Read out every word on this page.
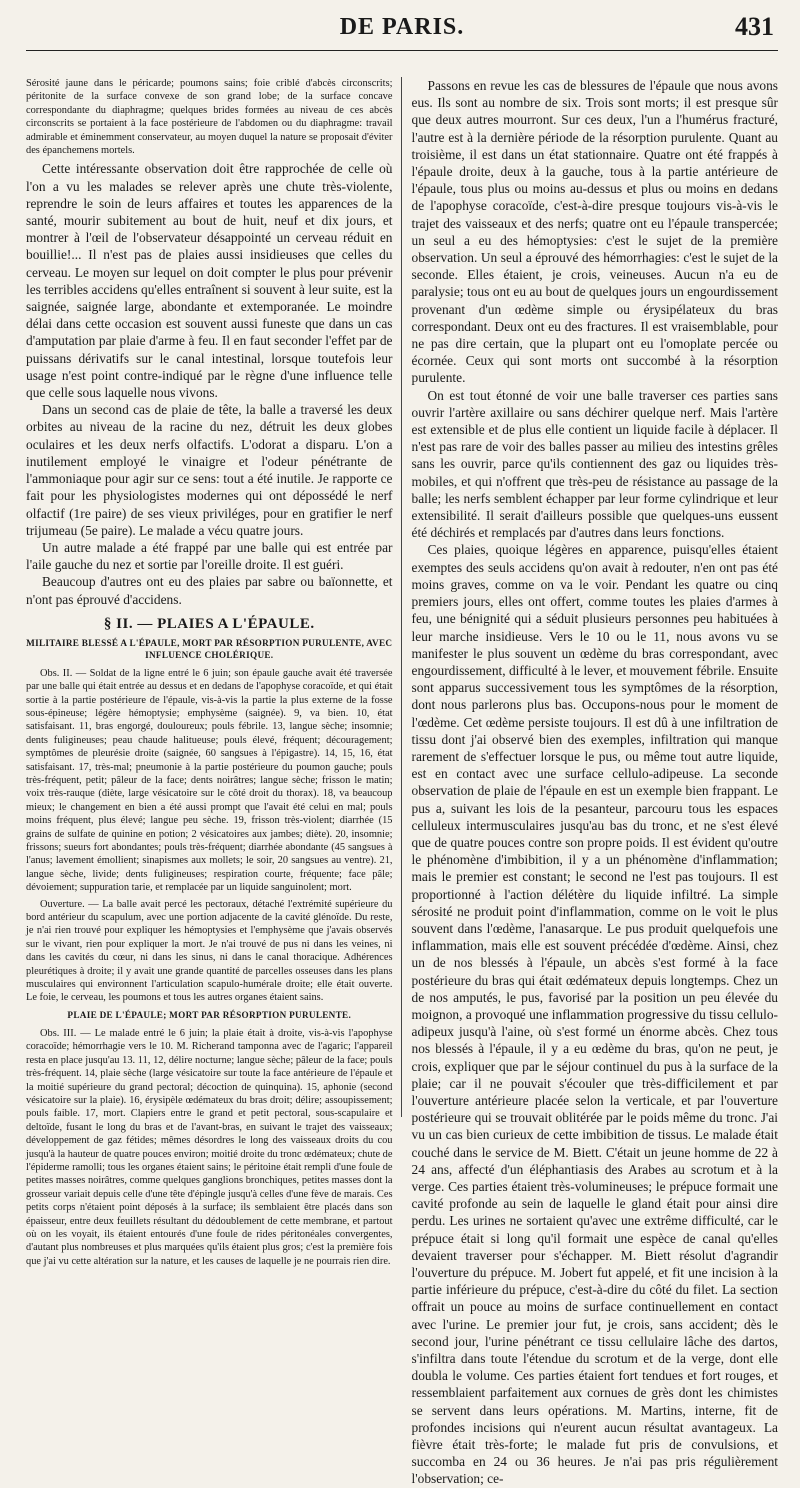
DE PARIS.	431

Sérosité jaune dans le péricarde; poumons sains; foie criblé d'abcès circonscrits; péritonite de la surface convexe de son grand lobe; de la surface concave correspondante du diaphragme; quelques brides formées au niveau de ces abcès circonscrits se portaient à la face postérieure de l'abdomen ou du diaphragme: travail admirable et éminemment conservateur, au moyen duquel la nature se proposait d'éviter des épanchemens mortels.

Cette intéressante observation doit être rapprochée de celle où l'on a vu les malades se relever après une chute très-violente, reprendre le soin de leurs affaires et toutes les apparences de la santé, mourir subitement au bout de huit, neuf et dix jours, et montrer à l'œil de l'observateur désappointé un cerveau réduit en bouillie!... Il n'est pas de plaies aussi insidieuses que celles du cerveau. Le moyen sur lequel on doit compter le plus pour prévenir les terribles accidens qu'elles entraînent si souvent à leur suite, est la saignée, saignée large, abondante et extemporanée. Le moindre délai dans cette occasion est souvent aussi funeste que dans un cas d'amputation par plaie d'arme à feu. Il en faut seconder l'effet par de puissans dérivatifs sur le canal intestinal, lorsque toutefois leur usage n'est point contre-indiqué par le règne d'une influence telle que celle sous laquelle nous vivons.

Dans un second cas de plaie de tête, la balle a traversé les deux orbites au niveau de la racine du nez, détruit les deux globes oculaires et les deux nerfs olfactifs. L'odorat a disparu. L'on a inutilement employé le vinaigre et l'odeur pénétrante de l'ammoniaque pour agir sur ce sens: tout a été inutile. Je rapporte ce fait pour les physiologistes modernes qui ont dépossédé le nerf olfactif (1re paire) de ses vieux priviléges, pour en gratifier le nerf trijumeau (5e paire). Le malade a vécu quatre jours.

Un autre malade a été frappé par une balle qui est entrée par l'aile gauche du nez et sortie par l'oreille droite. Il est guéri.

Beaucoup d'autres ont eu des plaies par sabre ou baïonnette, et n'ont pas éprouvé d'accidens.

§ II. — PLAIES A L'ÉPAULE.
MILITAIRE BLESSÉ A L'ÉPAULE, MORT PAR RÉSORPTION PURULENTE, AVEC INFLUENCE CHOLÉRIQUE.

Obs. II. — Soldat de la ligne entré le 6 juin; son épaule gauche avait été traversée par une balle qui était entrée au dessus et en dedans de l'apophyse coracoïde, et qui était sortie à la partie postérieure de l'épaule, vis-à-vis la partie la plus externe de la fosse sous-épineuse; légère hémoptysie; emphysème (saignée). 9, va bien. 10, état satisfaisant. 11, bras engorgé, douloureux; pouls fébrile. 13, langue sèche; insomnie; dents fuligineuses; peau chaude halitueuse; pouls élevé, fréquent; découragement; symptômes de pleurésie droite (saignée, 60 sangsues à l'épigastre). 14, 15, 16, état satisfaisant. 17, très-mal; pneumonie à la partie postérieure du poumon gauche; pouls très-fréquent, petit; pâleur de la face; dents noirâtres; langue sèche; frisson le matin; voix très-rauque (diète, large vésicatoire sur le côté droit du thorax). 18, va beaucoup mieux; le changement en bien a été aussi prompt que l'avait été celui en mal; pouls moins fréquent, plus élevé; langue peu sèche. 19, frisson très-violent; diarrhée (15 grains de sulfate de quinine en potion; 2 vésicatoires aux jambes; diète). 20, insomnie; frissons; sueurs fort abondantes; pouls très-fréquent; diarrhée abondante (45 sangsues à l'anus; lavement émollient; sinapismes aux mollets; le soir, 20 sangsues au ventre). 21, langue sèche, livide; dents fuligineuses; respiration courte, fréquente; face pâle; dévoiement; suppuration tarie, et remplacée par un liquide sanguinolent; mort.

Ouverture. — La balle avait percé les pectoraux, détaché l'extrémité supérieure du bord antérieur du scapulum, avec une portion adjacente de la cavité glénoïde. Du reste, je n'ai rien trouvé pour expliquer les hémoptysies et l'emphysème que j'avais observés sur le vivant, rien pour expliquer la mort. Je n'ai trouvé de pus ni dans les veines, ni dans les cavités du cœur, ni dans les sinus, ni dans le canal thoracique. Adhérences pleurétiques à droite; il y avait une grande quantité de parcelles osseuses dans les plans musculaires qui environnent l'articulation scapulo-humérale droite; elle était ouverte. Le foie, le cerveau, les poumons et tous les autres organes étaient sains.

PLAIE DE L'ÉPAULE; MORT PAR RÉSORPTION PURULENTE.

Obs. III. — Le malade entré le 6 juin; la plaie était à droite, vis-à-vis l'apophyse coracoïde; hémorrhagie vers le 10. M. Richerand tamponna avec de l'agaric; l'appareil resta en place jusqu'au 13. 11, 12, délire nocturne; langue sèche; pâleur de la face; pouls très-fréquent. 14, plaie sèche (large vésicatoire sur toute la face antérieure de l'épaule et la moitié supérieure du grand pectoral; décoction de quinquina). 15, aphonie (second vésicatoire sur la plaie). 16, érysipèle œdémateux du bras droit; délire; assoupissement; pouls faible. 17, mort. Clapiers entre le grand et petit pectoral, sous-scapulaire et deltoïde, fusant le long du bras et de l'avant-bras, en suivant le trajet des vaisseaux; développement de gaz fétides; mêmes désordres le long des vaisseaux droits du cou jusqu'à la hauteur de quatre pouces environ; moitié droite du tronc œdémateux; chute de l'épiderme ramolli; tous les organes étaient sains; le péritoine était rempli d'une foule de petites masses noirâtres, comme quelques ganglions bronchiques, petites masses dont la grosseur variait depuis celle d'une tête d'épingle jusqu'à celles d'une fève de marais. Ces petits corps n'étaient point déposés à la surface; ils semblaient être placés dans son épaisseur, entre deux feuillets résultant du dédoublement de cette membrane, et partout où on les voyait, ils étaient entourés d'une foule de rides péritonéales convergentes, d'autant plus nombreuses et plus marquées qu'ils étaient plus gros; c'est la première fois que j'ai vu cette altération sur la nature, et les causes de laquelle je ne pourrais rien dire.

Passons en revue les cas de blessures de l'épaule que nous avons eus. Ils sont au nombre de six. Trois sont morts; il est presque sûr que deux autres mourront. Sur ces deux, l'un a l'humérus fracturé, l'autre est à la dernière période de la résorption purulente. Quant au troisième, il est dans un état stationnaire. Quatre ont été frappés à l'épaule droite, deux à la gauche, tous à la partie antérieure de l'épaule, tous plus ou moins au-dessus et plus ou moins en dedans de l'apophyse coracoïde, c'est-à-dire presque toujours vis-à-vis le trajet des vaisseaux et des nerfs; quatre ont eu l'épaule transpercée; un seul a eu des hémoptysies: c'est le sujet de la première observation. Un seul a éprouvé des hémorrhagies: c'est le sujet de la seconde. Elles étaient, je crois, veineuses. Aucun n'a eu de paralysie; tous ont eu au bout de quelques jours un engourdissement provenant d'un œdème simple ou érysipélateux du bras correspondant. Deux ont eu des fractures. Il est vraisemblable, pour ne pas dire certain, que la plupart ont eu l'omoplate percée ou écornée. Ceux qui sont morts ont succombé à la résorption purulente.

On est tout étonné de voir une balle traverser ces parties sans ouvrir l'artère axillaire ou sans déchirer quelque nerf. Mais l'artère est extensible et de plus elle contient un liquide facile à déplacer. Il n'est pas rare de voir des balles passer au milieu des intestins grêles sans les ouvrir, parce qu'ils contiennent des gaz ou liquides très-mobiles, et qui n'offrent que très-peu de résistance au passage de la balle; les nerfs semblent échapper par leur forme cylindrique et leur extensibilité. Il serait d'ailleurs possible que quelques-uns eussent été déchirés et remplacés par d'autres dans leurs fonctions.

Ces plaies, quoique légères en apparence, puisqu'elles étaient exemptes des seuls accidens qu'on avait à redouter, n'en ont pas été moins graves, comme on va le voir. Pendant les quatre ou cinq premiers jours, elles ont offert, comme toutes les plaies d'armes à feu, une bénignité qui a séduit plusieurs personnes peu habituées à leur marche insidieuse. Vers le 10 ou le 11, nous avons vu se manifester le plus souvent un œdème du bras correspondant, avec engourdissement, difficulté à le lever, et mouvement fébrile. Ensuite sont apparus successivement tous les symptômes de la résorption, dont nous parlerons plus bas. Occupons-nous pour le moment de l'œdème. Cet œdème persiste toujours. Il est dû à une infiltration de tissu dont j'ai observé bien des exemples, infiltration qui manque rarement de s'effectuer lorsque le pus, ou même tout autre liquide, est en contact avec une surface cellulo-adipeuse. La seconde observation de plaie de l'épaule en est un exemple bien frappant. Le pus a, suivant les lois de la pesanteur, parcouru tous les espaces celluleux intermusculaires jusqu'au bas du tronc, et ne s'est élevé que de quatre pouces contre son propre poids. Il est évident qu'outre le phénomène d'imbibition, il y a un phénomène d'inflammation; mais le premier est constant; le second ne l'est pas toujours. Il est proportionné à l'action délétère du liquide infiltré. La simple sérosité ne produit point d'inflammation, comme on le voit le plus souvent dans l'œdème, l'anasarque. Le pus produit quelquefois une inflammation, mais elle est souvent précédée d'œdème. Ainsi, chez un de nos blessés à l'épaule, un abcès s'est formé à la face postérieure du bras qui était œdémateux depuis longtemps. Chez un de nos amputés, le pus, favorisé par la position un peu élevée du moignon, a provoqué une inflammation progressive du tissu cellulo-adipeux jusqu'à l'aine, où s'est formé un énorme abcès. Chez tous nos blessés à l'épaule, il y a eu œdème du bras, qu'on ne peut, je crois, expliquer que par le séjour continuel du pus à la surface de la plaie; car il ne pouvait s'écouler que très-difficilement et par l'ouverture antérieure placée selon la verticale, et par l'ouverture postérieure qui se trouvait oblitérée par le poids même du tronc. J'ai vu un cas bien curieux de cette imbibition de tissus. Le malade était couché dans le service de M. Biett. C'était un jeune homme de 22 à 24 ans, affecté d'un éléphantiasis des Arabes au scrotum et à la verge. Ces parties étaient très-volumineuses; le prépuce formait une cavité profonde au sein de laquelle le gland était pour ainsi dire perdu. Les urines ne sortaient qu'avec une extrême difficulté, car le prépuce était si long qu'il formait une espèce de canal qu'elles devaient traverser pour s'échapper. M. Biett résolut d'agrandir l'ouverture du prépuce. M. Jobert fut appelé, et fit une incision à la partie inférieure du prépuce, c'est-à-dire du côté du filet. La section offrait un pouce au moins de surface continuellement en contact avec l'urine. Le premier jour fut, je crois, sans accident; dès le second jour, l'urine pénétrant ce tissu cellulaire lâche des dartos, s'infiltra dans toute l'étendue du scrotum et de la verge, dont elle doubla le volume. Ces parties étaient fort tendues et fort rouges, et ressemblaient parfaitement aux cornues de grès dont les chimistes se servent dans leurs opérations. M. Martins, interne, fit de profondes incisions qui n'eurent aucun résultat avantageux. La fièvre était très-forte; le malade fut pris de convulsions, et succomba en 24 ou 36 heures. Je n'ai pas pris régulièrement l'observation; ce-
